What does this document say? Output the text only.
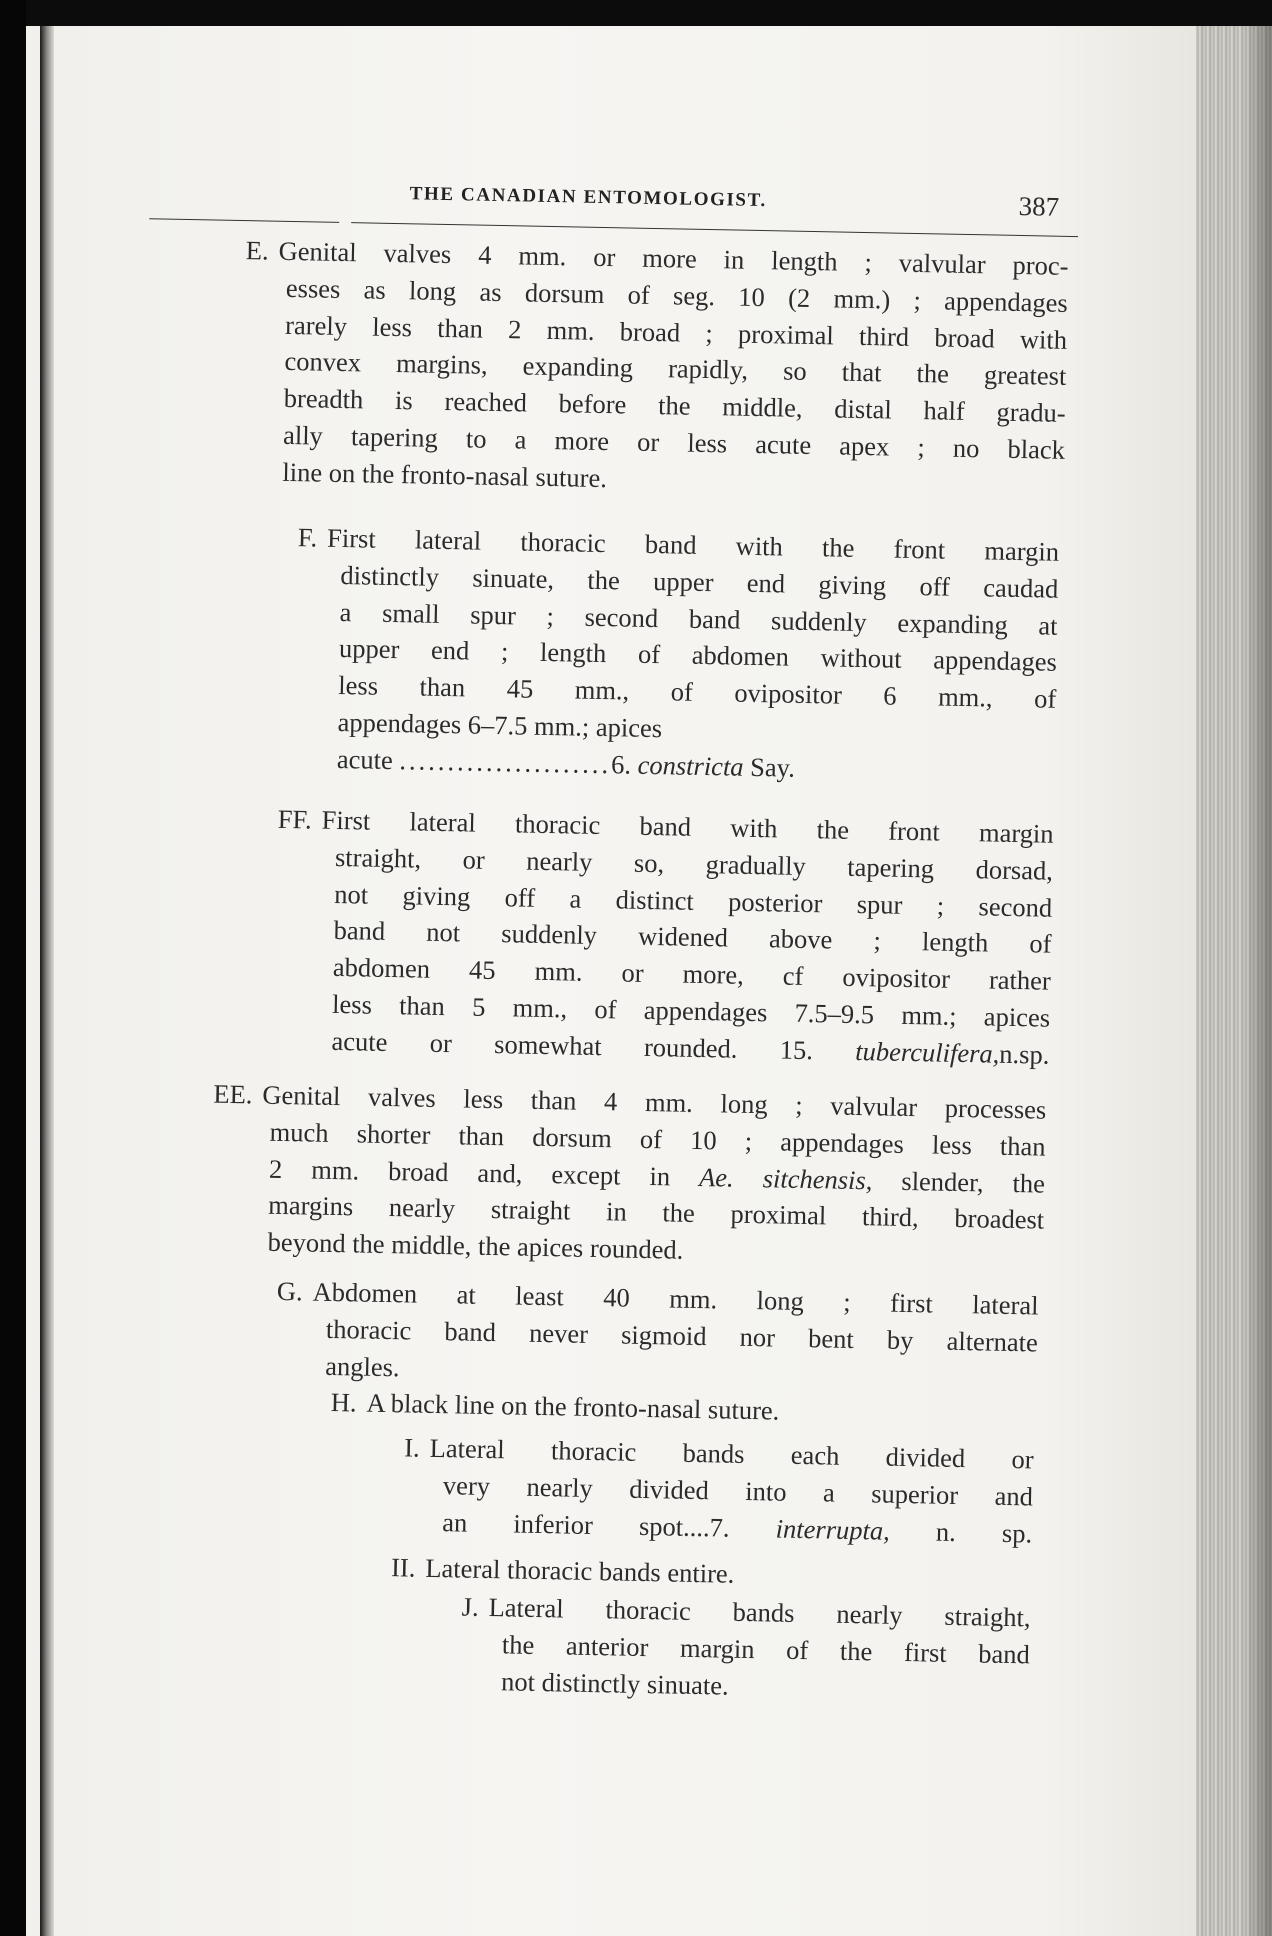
THE CANADIAN ENTOMOLOGIST.	387
E. Genital valves 4 mm. or more in length ; valvular proc-
esses as long as dorsum of seg. 10 (2 mm.) ; appendages
rarely less than 2 mm. broad ; proximal third broad with
convex margins, expanding rapidly, so that the greatest
breadth is reached before the middle, distal half gradu-
ally tapering to a more or less acute apex ; no black
line on the fronto-nasal suture.
F. First lateral thoracic band with the front margin
distinctly sinuate, the upper end giving off caudad
a small spur ; second band suddenly expanding at
upper end ; length of abdomen without appendages
less than 45 mm., of ovipositor 6 mm., of
appendages 6–7.5 mm.; apices
acute ......................6. constricta Say.
FF. First lateral thoracic band with the front margin
straight, or nearly so, gradually tapering dorsad,
not giving off a distinct posterior spur ; second
band not suddenly widened above ; length of
abdomen 45 mm. or more, cf ovipositor rather
less than 5 mm., of appendages 7.5–9.5 mm.; apices
acute or somewhat rounded. 15. tuberculifera,n.sp.
EE. Genital valves less than 4 mm. long ; valvular processes
much shorter than dorsum of 10 ; appendages less than
2 mm. broad and, except in Ae. sitchensis, slender, the
margins nearly straight in the proximal third, broadest
beyond the middle, the apices rounded.
G. Abdomen at least 40 mm. long ; first lateral
thoracic band never sigmoid nor bent by alternate
angles.
H. A black line on the fronto-nasal suture.
I. Lateral thoracic bands each divided or
very nearly divided into a superior and
an inferior spot....7. interrupta, n. sp.
II. Lateral thoracic bands entire.
J. Lateral thoracic bands nearly straight,
the anterior margin of the first band
not distinctly sinuate.
